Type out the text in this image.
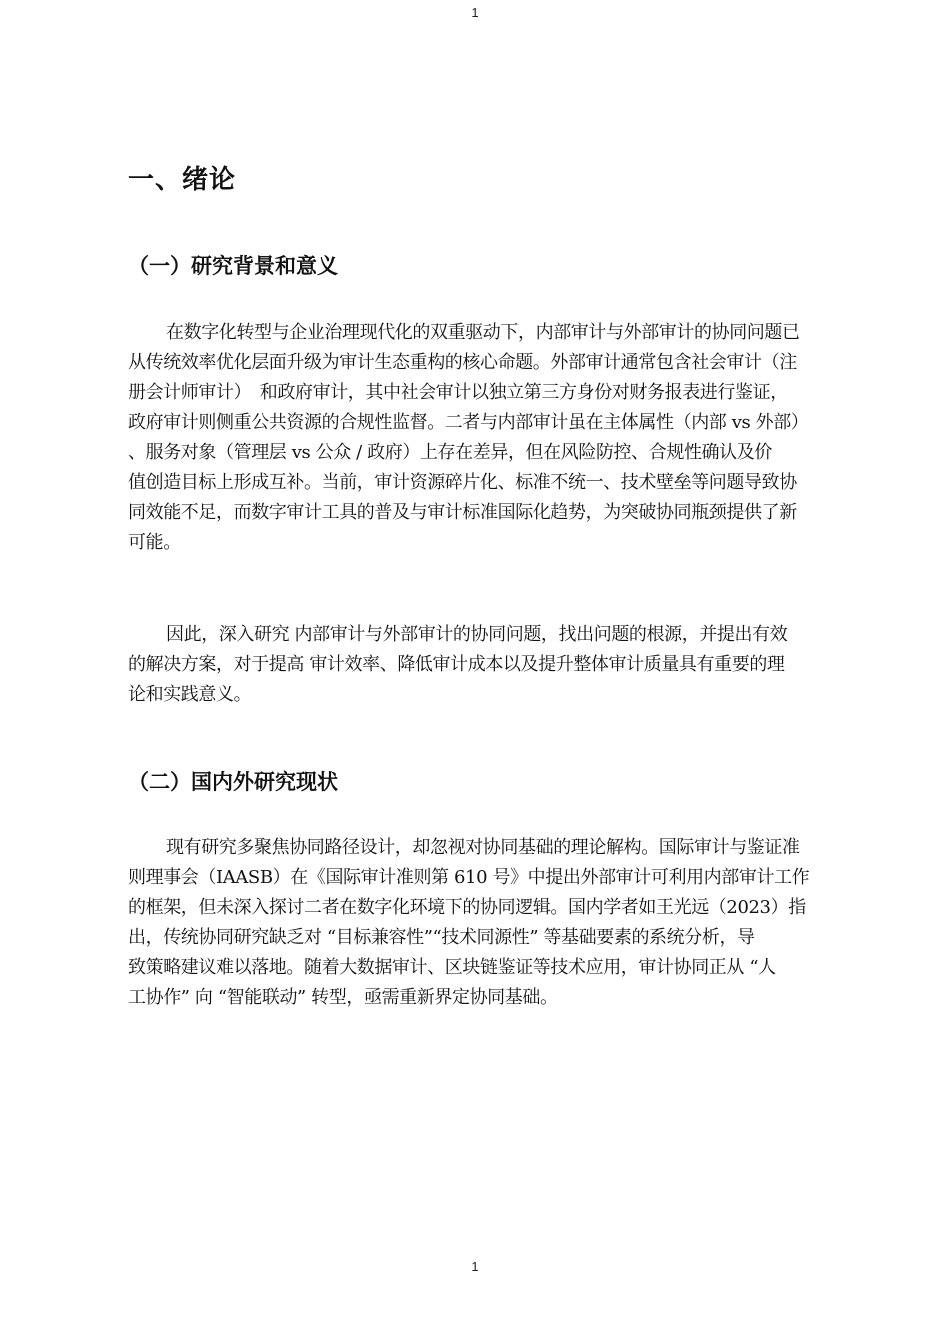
1
一、绪论
（一）研究背景和意义

在数字化转型与企业治理现代化的双重驱动下，内部审计与外部审计的协同问题已
从传统效率优化层面升级为审计生态重构的核心命题。外部审计通常包含社会审计（注
册会计师审计）　和政府审计，其中社会审计以独立第三方身份对财务报表进行鉴证，
政府审计则侧重公共资源的合规性监督。二者与内部审计虽在主体属性（内部 vs 外部）
、服务对象（管理层 vs 公众 / 政府）上存在差异，但在风险防控、合规性确认及价
值创造目标上形成互补。当前，审计资源碎片化、标准不统一、技术壁垒等问题导致协
同效能不足，而数字审计工具的普及与审计标准国际化趋势，为突破协同瓶颈提供了新
可能。

因此，深入研究 内部审计与外部审计的协同问题，找出问题的根源，并提出有效
的解决方案，对于提高 审计效率、降低审计成本以及提升整体审计质量具有重要的理
论和实践意义。

（二）国内外研究现状

现有研究多聚焦协同路径设计，却忽视对协同基础的理论解构。国际审计与鉴证准
则理事会（IAASB）在《国际审计准则第 610 号》中提出外部审计可利用内部审计工作
的框架，但未深入探讨二者在数字化环境下的协同逻辑。国内学者如王光远（2023）指
出，传统协同研究缺乏对 “目标兼容性”“技术同源性” 等基础要素的系统分析，导
致策略建议难以落地。随着大数据审计、区块链鉴证等技术应用，审计协同正从 “人
工协作” 向 “智能联动” 转型，亟需重新界定协同基础。

1
